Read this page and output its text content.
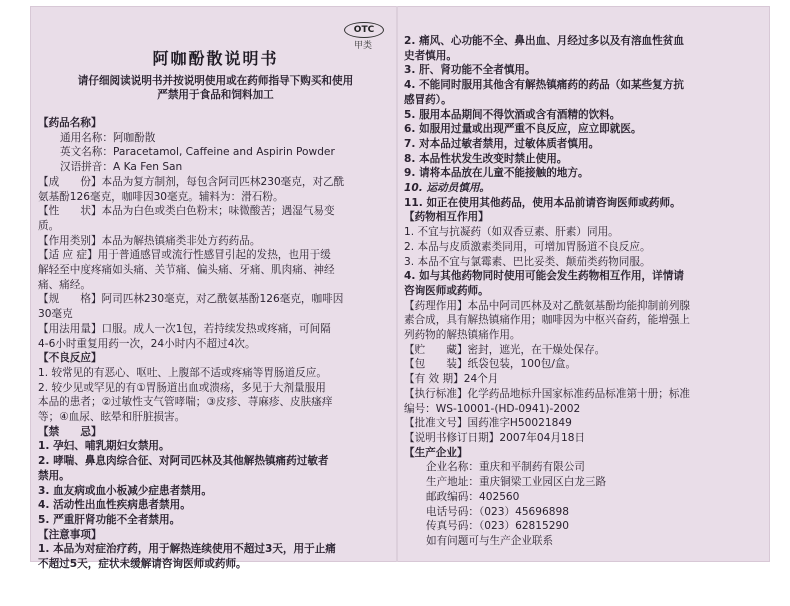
OTC
甲类
阿咖酚散说明书
请仔细阅读说明书并按说明使用或在药师指导下购买和使用
严禁用于食品和饲料加工
【药品名称】
通用名称：阿咖酚散
英文名称：Paracetamol, Caffeine and Aspirin Powder
汉语拼音：A Ka Fen San
【成　　份】本品为复方制剂，每包含阿司匹林230毫克，对乙酰
氨基酚126毫克，咖啡因30毫克。辅料为：滑石粉。
【性　　状】本品为白色或类白色粉末；味微酸苦；遇湿气易变
质。
【作用类别】本品为解热镇痛类非处方药药品。
【适 应 症】用于普通感冒或流行性感冒引起的发热，也用于缓
解轻至中度疼痛如头痛、关节痛、偏头痛、牙痛、肌肉痛、神经
痛、痛经。
【规　　格】阿司匹林230毫克，对乙酰氨基酚126毫克，咖啡因
30毫克
【用法用量】口服。成人一次1包，若持续发热或疼痛，可间隔
4-6小时重复用药一次，24小时内不超过4次。
【不良反应】
1. 较常见的有恶心、呕吐、上腹部不适或疼痛等胃肠道反应。
2. 较少见或罕见的有①胃肠道出血或溃疡，多见于大剂量服用
本品的患者；②过敏性支气管哮喘；③皮疹、荨麻疹、皮肤瘙痒
等；④血尿、眩晕和肝脏损害。
【禁　　忌】
1. 孕妇、哺乳期妇女禁用。
2. 哮喘、鼻息肉综合征、对阿司匹林及其他解热镇痛药过敏者
禁用。
3. 血友病或血小板减少症患者禁用。
4. 活动性出血性疾病患者禁用。
5. 严重肝肾功能不全者禁用。
【注意事项】
1. 本品为对症治疗药，用于解热连续使用不超过3天，用于止痛
不超过5天，症状未缓解请咨询医师或药师。
2. 痛风、心功能不全、鼻出血、月经过多以及有溶血性贫血
史者慎用。
3. 肝、肾功能不全者慎用。
4. 不能同时服用其他含有解热镇痛药的药品（如某些复方抗
感冒药）。
5. 服用本品期间不得饮酒或含有酒精的饮料。
6. 如服用过量或出现严重不良反应，应立即就医。
7. 对本品过敏者禁用，过敏体质者慎用。
8. 本品性状发生改变时禁止使用。
9. 请将本品放在儿童不能接触的地方。
10. 运动员慎用。
11. 如正在使用其他药品，使用本品前请咨询医师或药师。
【药物相互作用】
1. 不宜与抗凝药（如双香豆素、肝素）同用。
2. 本品与皮质激素类同用，可增加胃肠道不良反应。
3. 本品不宜与氯霉素、巴比妥类、颠茄类药物同服。
4. 如与其他药物同时使用可能会发生药物相互作用，详情请
咨询医师或药师。
【药理作用】本品中阿司匹林及对乙酰氨基酚均能抑制前列腺
素合成，具有解热镇痛作用；咖啡因为中枢兴奋药，能增强上
列药物的解热镇痛作用。
【贮　　藏】密封，遮光，在干燥处保存。
【包　　装】纸袋包装，100包/盒。
【有 效 期】24个月
【执行标准】化学药品地标升国家标准药品标准第十册；标准
编号：WS-10001-(HD-0941)-2002
【批准文号】国药准字H50021849
【说明书修订日期】2007年04月18日
【生产企业】
企业名称：重庆和平制药有限公司
生产地址：重庆铜梁工业园区白龙三路
邮政编码：402560
电话号码：（023）45696898
传真号码：（023）62815290
如有问题可与生产企业联系
